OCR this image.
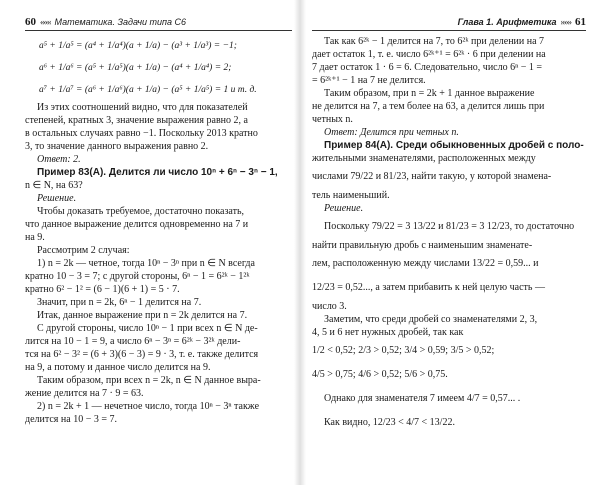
60 ««« Математика. Задачи типа С6
a⁵ + 1/a⁵ = (a⁴ + 1/a⁴)(a + 1/a) − (a³ + 1/a³) = −1;
a⁶ + 1/a⁶ = (a⁵ + 1/a⁵)(a + 1/a) − (a⁴ + 1/a⁴) = 2;
a⁷ + 1/a⁷ = (a⁶ + 1/a⁶)(a + 1/a) − (a⁵ + 1/a⁵) = 1 и т. д.
Из этих соотношений видно, что для показателей
степеней, кратных 3, значение выражения равно 2, а
в остальных случаях равно −1. Поскольку 2013 кратно
3, то значение данного выражения равно 2.
Ответ: 2.
Пример 83(А). Делится ли число 10ⁿ + 6ⁿ − 3ⁿ − 1,
n ∈ N, на 63?
Решение.
Чтобы доказать требуемое, достаточно показать,
что данное выражение делится одновременно на 7 и
на 9.
Рассмотрим 2 случая:
1) n = 2k — четное, тогда 10ⁿ − 3ⁿ при n ∈ N всегда
кратно 10 − 3 = 7; с другой стороны, 6ⁿ − 1 = 6²ᵏ − 1²ᵏ
кратно 6² − 1² = (6 − 1)(6 + 1) = 5 · 7.
Значит, при n = 2k, 6ⁿ − 1 делится на 7.
Итак, данное выражение при n = 2k делится на 7.
С другой стороны, число 10ⁿ − 1 при всех n ∈ N де-
лится на 10 − 1 = 9, а число 6ⁿ − 3ⁿ = 6²ᵏ − 3²ᵏ дели-
тся на 6² − 3² = (6 + 3)(6 − 3) = 9 · 3, т. е. также делится
на 9, а потому и данное число делится на 9.
Таким образом, при всех n = 2k, n ∈ N данное выра-
жение делится на 7 · 9 = 63.
2) n = 2k + 1 — нечетное число, тогда 10ⁿ − 3ⁿ также
делится на 10 − 3 = 7.
Глава 1. Арифметика »»» 61
Так как 6²ᵏ − 1 делится на 7, то 6²ᵏ при делении на 7
дает остаток 1, т. е. число 6²ᵏ⁺¹ = 6²ᵏ · 6 при делении на
7 дает остаток 1 · 6 = 6. Следовательно, число 6ⁿ − 1 =
= 6²ᵏ⁺¹ − 1 на 7 не делится.
Таким образом, при n = 2k + 1 данное выражение
не делится на 7, а тем более на 63, а делится лишь при
четных n.
Ответ: Делится при четных n.
Пример 84(А). Среди обыкновенных дробей с поло-
жительными знаменателями, расположенных между
числами 79/22 и 81/23, найти такую, у которой знамена-
тель наименьший.
Решение.
Поскольку 79/22 = 3 13/22 и 81/23 = 3 12/23, то достаточно
найти правильную дробь с наименьшим знаменате-
лем, расположенную между числами 13/22 = 0,59... и
12/23 = 0,52..., а затем прибавить к ней целую часть —
число 3.
Заметим, что среди дробей со знаменателями 2, 3,
4, 5 и 6 нет нужных дробей, так как
1/2 < 0,52; 2/3 > 0,52; 3/4 > 0,59; 3/5 > 0,52;
4/5 > 0,75; 4/6 > 0,52; 5/6 > 0,75.
Однако для знаменателя 7 имеем 4/7 = 0,57... .
Как видно, 12/23 < 4/7 < 13/22.
